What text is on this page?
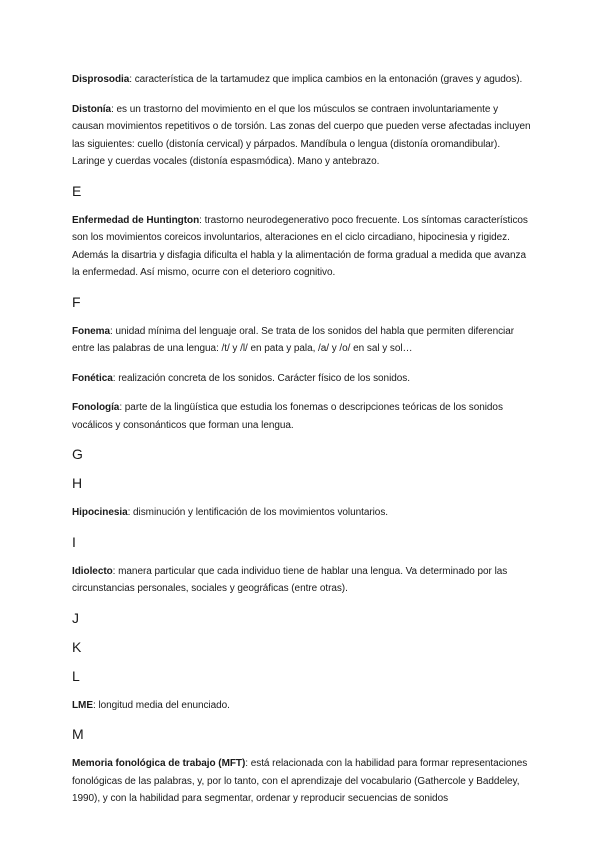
Disprosodia: característica de la tartamudez que implica cambios en la entonación (graves y agudos).

Distonía: es un trastorno del movimiento en el que los músculos se contraen involuntariamente y causan movimientos repetitivos o de torsión. Las zonas del cuerpo que pueden verse afectadas incluyen las siguientes: cuello (distonía cervical) y párpados. Mandíbula o lengua (distonía oromandibular). Laringe y cuerdas vocales (distonía espasmódica). Mano y antebrazo.

E

Enfermedad de Huntington: trastorno neurodegenerativo poco frecuente. Los síntomas característicos son los movimientos coreicos involuntarios, alteraciones en el ciclo circadiano, hipocinesia y rigidez. Además la disartria y disfagia dificulta el habla y la alimentación de forma gradual a medida que avanza la enfermedad. Así mismo, ocurre con el deterioro cognitivo.

F

Fonema: unidad mínima del lenguaje oral. Se trata de los sonidos del habla que permiten diferenciar entre las palabras de una lengua: /t/ y /l/ en pata y pala, /a/ y /o/ en sal y sol…

Fonética: realización concreta de los sonidos. Carácter físico de los sonidos.

Fonología: parte de la lingüística que estudia los fonemas o descripciones teóricas de los sonidos vocálicos y consonánticos que forman una lengua.

G
H

Hipocinesia: disminución y lentificación de los movimientos voluntarios.

I

Idiolecto: manera particular que cada individuo tiene de hablar una lengua. Va determinado por las circunstancias personales, sociales y geográficas (entre otras).

J
K
L

LME: longitud media del enunciado.

M

Memoria fonológica de trabajo (MFT): está relacionada con la habilidad para formar representaciones fonológicas de las palabras, y, por lo tanto, con el aprendizaje del vocabulario (Gathercole y Baddeley, 1990), y con la habilidad para segmentar, ordenar y reproducir secuencias de sonidos
